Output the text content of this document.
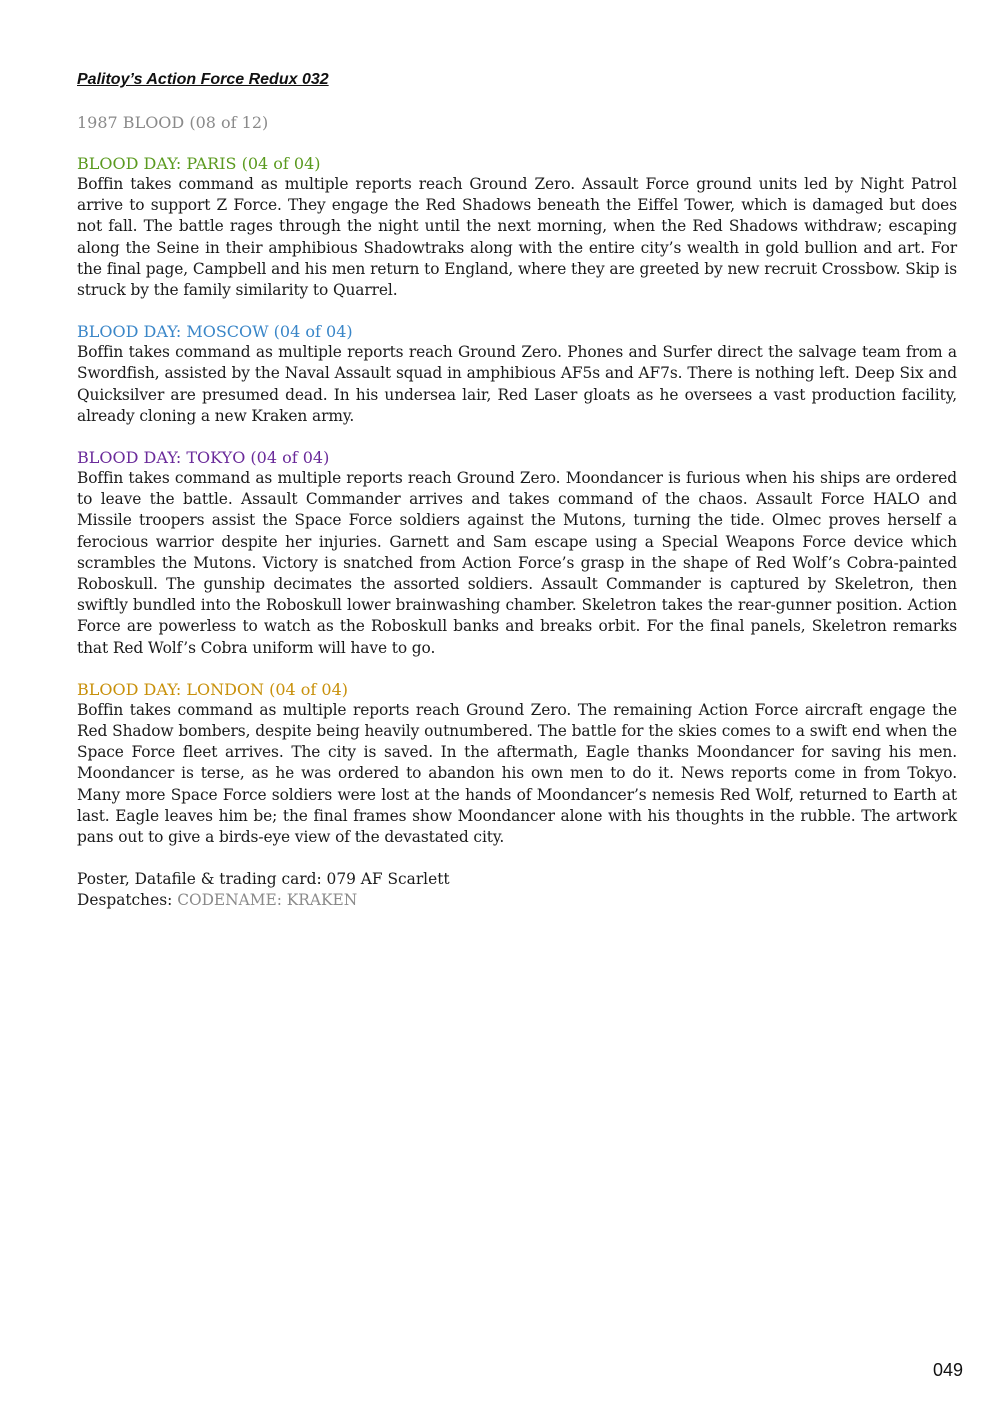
Palitoy’s Action Force Redux 032

1987 BLOOD (08 of 12)

BLOOD DAY: PARIS (04 of 04)

Boffin takes command as multiple reports reach Ground Zero. Assault Force ground units led by Night Patrol arrive to support Z Force. They engage the Red Shadows beneath the Eiffel Tower, which is damaged but does not fall. The battle rages through the night until the next morning, when the Red Shadows withdraw; escaping along the Seine in their amphibious Shadowtraks along with the entire city’s wealth in gold bullion and art. For the final page, Campbell and his men return to England, where they are greeted by new recruit Crossbow. Skip is struck by the family similarity to Quarrel.

BLOOD DAY: MOSCOW (04 of 04)

Boffin takes command as multiple reports reach Ground Zero. Phones and Surfer direct the salvage team from a Swordfish, assisted by the Naval Assault squad in amphibious AF5s and AF7s. There is nothing left. Deep Six and Quicksilver are presumed dead. In his undersea lair, Red Laser gloats as he oversees a vast production facility, already cloning a new Kraken army.

BLOOD DAY: TOKYO (04 of 04)

Boffin takes command as multiple reports reach Ground Zero. Moondancer is furious when his ships are ordered to leave the battle. Assault Commander arrives and takes command of the chaos. Assault Force HALO and Missile troopers assist the Space Force soldiers against the Mutons, turning the tide. Olmec proves herself a ferocious warrior despite her injuries. Garnett and Sam escape using a Special Weapons Force device which scrambles the Mutons. Victory is snatched from Action Force’s grasp in the shape of Red Wolf’s Cobra-painted Roboskull. The gunship decimates the assorted soldiers. Assault Commander is captured by Skeletron, then swiftly bundled into the Roboskull lower brainwashing chamber. Skeletron takes the rear-gunner position. Action Force are powerless to watch as the Roboskull banks and breaks orbit. For the final panels, Skeletron remarks that Red Wolf’s Cobra uniform will have to go.

BLOOD DAY: LONDON (04 of 04)

Boffin takes command as multiple reports reach Ground Zero. The remaining Action Force aircraft engage the Red Shadow bombers, despite being heavily outnumbered. The battle for the skies comes to a swift end when the Space Force fleet arrives. The city is saved. In the aftermath, Eagle thanks Moondancer for saving his men. Moondancer is terse, as he was ordered to abandon his own men to do it. News reports come in from Tokyo. Many more Space Force soldiers were lost at the hands of Moondancer’s nemesis Red Wolf, returned to Earth at last. Eagle leaves him be; the final frames show Moondancer alone with his thoughts in the rubble. The artwork pans out to give a birds-eye view of the devastated city.

Poster, Datafile & trading card: 079 AF Scarlett

Despatches: CODENAME: KRAKEN

049
